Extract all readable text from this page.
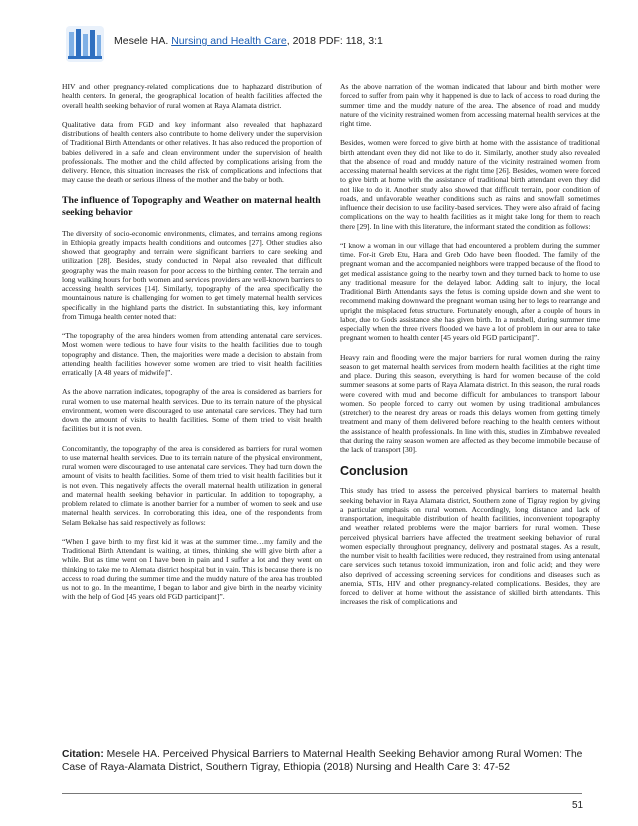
Mesele HA. Nursing and Health Care, 2018 PDF: 118, 3:1

HIV and other pregnancy-related complications due to haphazard distribution of health centers. In general, the geographical location of health facilities affected the overall health seeking behavior of rural women at Raya Alamata district.

Qualitative data from FGD and key informant also revealed that haphazard distributions of health centers also contribute to home delivery under the supervision of Traditional Birth Attendants or other relatives. It has also reduced the proportion of babies delivered in a safe and clean environment under the supervision of health professionals. The mother and the child affected by complications arising from the delivery. Hence, this situation increases the risk of complications and infections that may cause the death or serious illness of the mother and the baby or both.

The influence of Topography and Weather on maternal health seeking behavior

The diversity of socio-economic environments, climates, and terrains among regions in Ethiopia greatly impacts health conditions and outcomes [27]. Other studies also showed that geography and terrain were significant barriers to care seeking and utilization [28]. Besides, study conducted in Nepal also revealed that difficult geography was the main reason for poor access to the birthing center. The terrain and long walking hours for both women and services providers are well-known barriers to accessing health services [14]. Similarly, topography of the area specifically the mountainous nature is challenging for women to get timely maternal health services specifically in the highland parts the district. In substantiating this, key informant from Timuga health center noted that:

“The topography of the area hinders women from attending antenatal care services. Most women were tedious to have four visits to the health facilities due to tough topography and distance. Then, the majorities were made a decision to abstain from attending health facilities however some women are tried to visit health facilities erratically [A 48 years of midwife]”.

As the above narration indicates, topography of the area is considered as barriers for rural women to use maternal health services. Due to its terrain nature of the physical environment, women were discouraged to use antenatal care services. They had turn down the amount of visits to health facilities. Some of them tried to visit health facilities but it is not even.

Concomitantly, the topography of the area is considered as barriers for rural women to use maternal health services. Due to its terrain nature of the physical environment, rural women were discouraged to use antenatal care services. They had turn down the amount of visits to health facilities. Some of them tried to visit health facilities but it is not even. This negatively affects the overall maternal health utilization in general and maternal health seeking behavior in particular. In addition to topography, a problem related to climate is another barrier for a number of women to seek and use maternal health services. In corroborating this idea, one of the respondents from Selam Bekalse has said respectively as follows:

“When I gave birth to my first kid it was at the summer time…my family and the Traditional Birth Attendant is waiting, at times, thinking she will give birth after a while. But as time went on I have been in pain and I suffer a lot and they went on thinking to take me to Alemata district hospital but in vain. This is because there is no access to road during the summer time and the muddy nature of the area has troubled us not to go. In the meantime, I began to labor and give birth in the nearby vicinity with the help of God [45 years old FGD participant]”.

As the above narration of the woman indicated that labour and birth mother were forced to suffer from pain why it happened is due to lack of access to road during the summer time and the muddy nature of the area. The absence of road and muddy nature of the vicinity restrained women from accessing maternal health services at the right time.

Besides, women were forced to give birth at home with the assistance of traditional birth attendant even they did not like to do it. Similarly, another study also revealed that the absence of road and muddy nature of the vicinity restrained women from accessing maternal health services at the right time [26]. Besides, women were forced to give birth at home with the assistance of traditional birth attendant even they did not like to do it. Another study also showed that difficult terrain, poor condition of roads, and unfavorable weather conditions such as rains and snowfall sometimes influence their decision to use facility-based services. They were also afraid of facing complications on the way to health facilities as it might take long for them to reach there [29]. In line with this literature, the informant stated the condition as follows:

“I know a woman in our village that had encountered a problem during the summer time. For-it Greb Etu, Hara and Greb Odo have been flooded. The family of the pregnant woman and the accompanied neighbors were trapped because of the flood to get medical assistance going to the nearby town and they turned back to home to use any traditional measure for the delayed labor. Adding salt to injury, the local Traditional Birth Attendants says the fetus is coming upside down and she went to recommend making downward the pregnant woman using her to legs to rearrange and upright the misplaced fetus structure. Fortunately enough, after a couple of hours in labor, due to Gods assistance she has given birth. In a nutshell, during summer time especially when the three rivers flooded we have a lot of problem in our area to take pregnant women to health center [45 years old FGD participant]”.

Heavy rain and flooding were the major barriers for rural women during the rainy season to get maternal health services from modern health facilities at the right time and place. During this season, everything is hard for women because of the cold summer seasons at some parts of Raya Alamata district. In this season, the rural roads were covered with mud and become difficult for ambulances to transport labour women. So people forced to carry out women by using traditional ambulances (stretcher) to the nearest dry areas or roads this delays women from getting timely treatment and many of them delivered before reaching to the health centers without the assistance of health professionals. In line with this, studies in Zimbabwe revealed that during the rainy season women are affected as they become immobile because of the lack of transport [30].

Conclusion

This study has tried to assess the perceived physical barriers to maternal health seeking behavior in Raya Alamata district, Southern zone of Tigray region by giving a particular emphasis on rural women. Accordingly, long distance and lack of transportation, inequitable distribution of health facilities, inconvenient topography and weather related problems were the major barriers for rural women. These perceived physical barriers have affected the treatment seeking behavior of rural women especially throughout pregnancy, delivery and postnatal stages. As a result, the number visit to health facilities were reduced, they restrained from using antenatal care services such tetanus toxoid immunization, iron and folic acid; and they were also deprived of accessing screening services for conditions and diseases such as anemia, STIs, HIV and other pregnancy-related complications. Besides, they are forced to deliver at home without the assistance of skilled birth attendants. This increases the risk of complications and

Citation: Mesele HA. Perceived Physical Barriers to Maternal Health Seeking Behavior among Rural Women: The Case of Raya-Alamata District, Southern Tigray, Ethiopia (2018) Nursing and Health Care 3: 47-52
51
